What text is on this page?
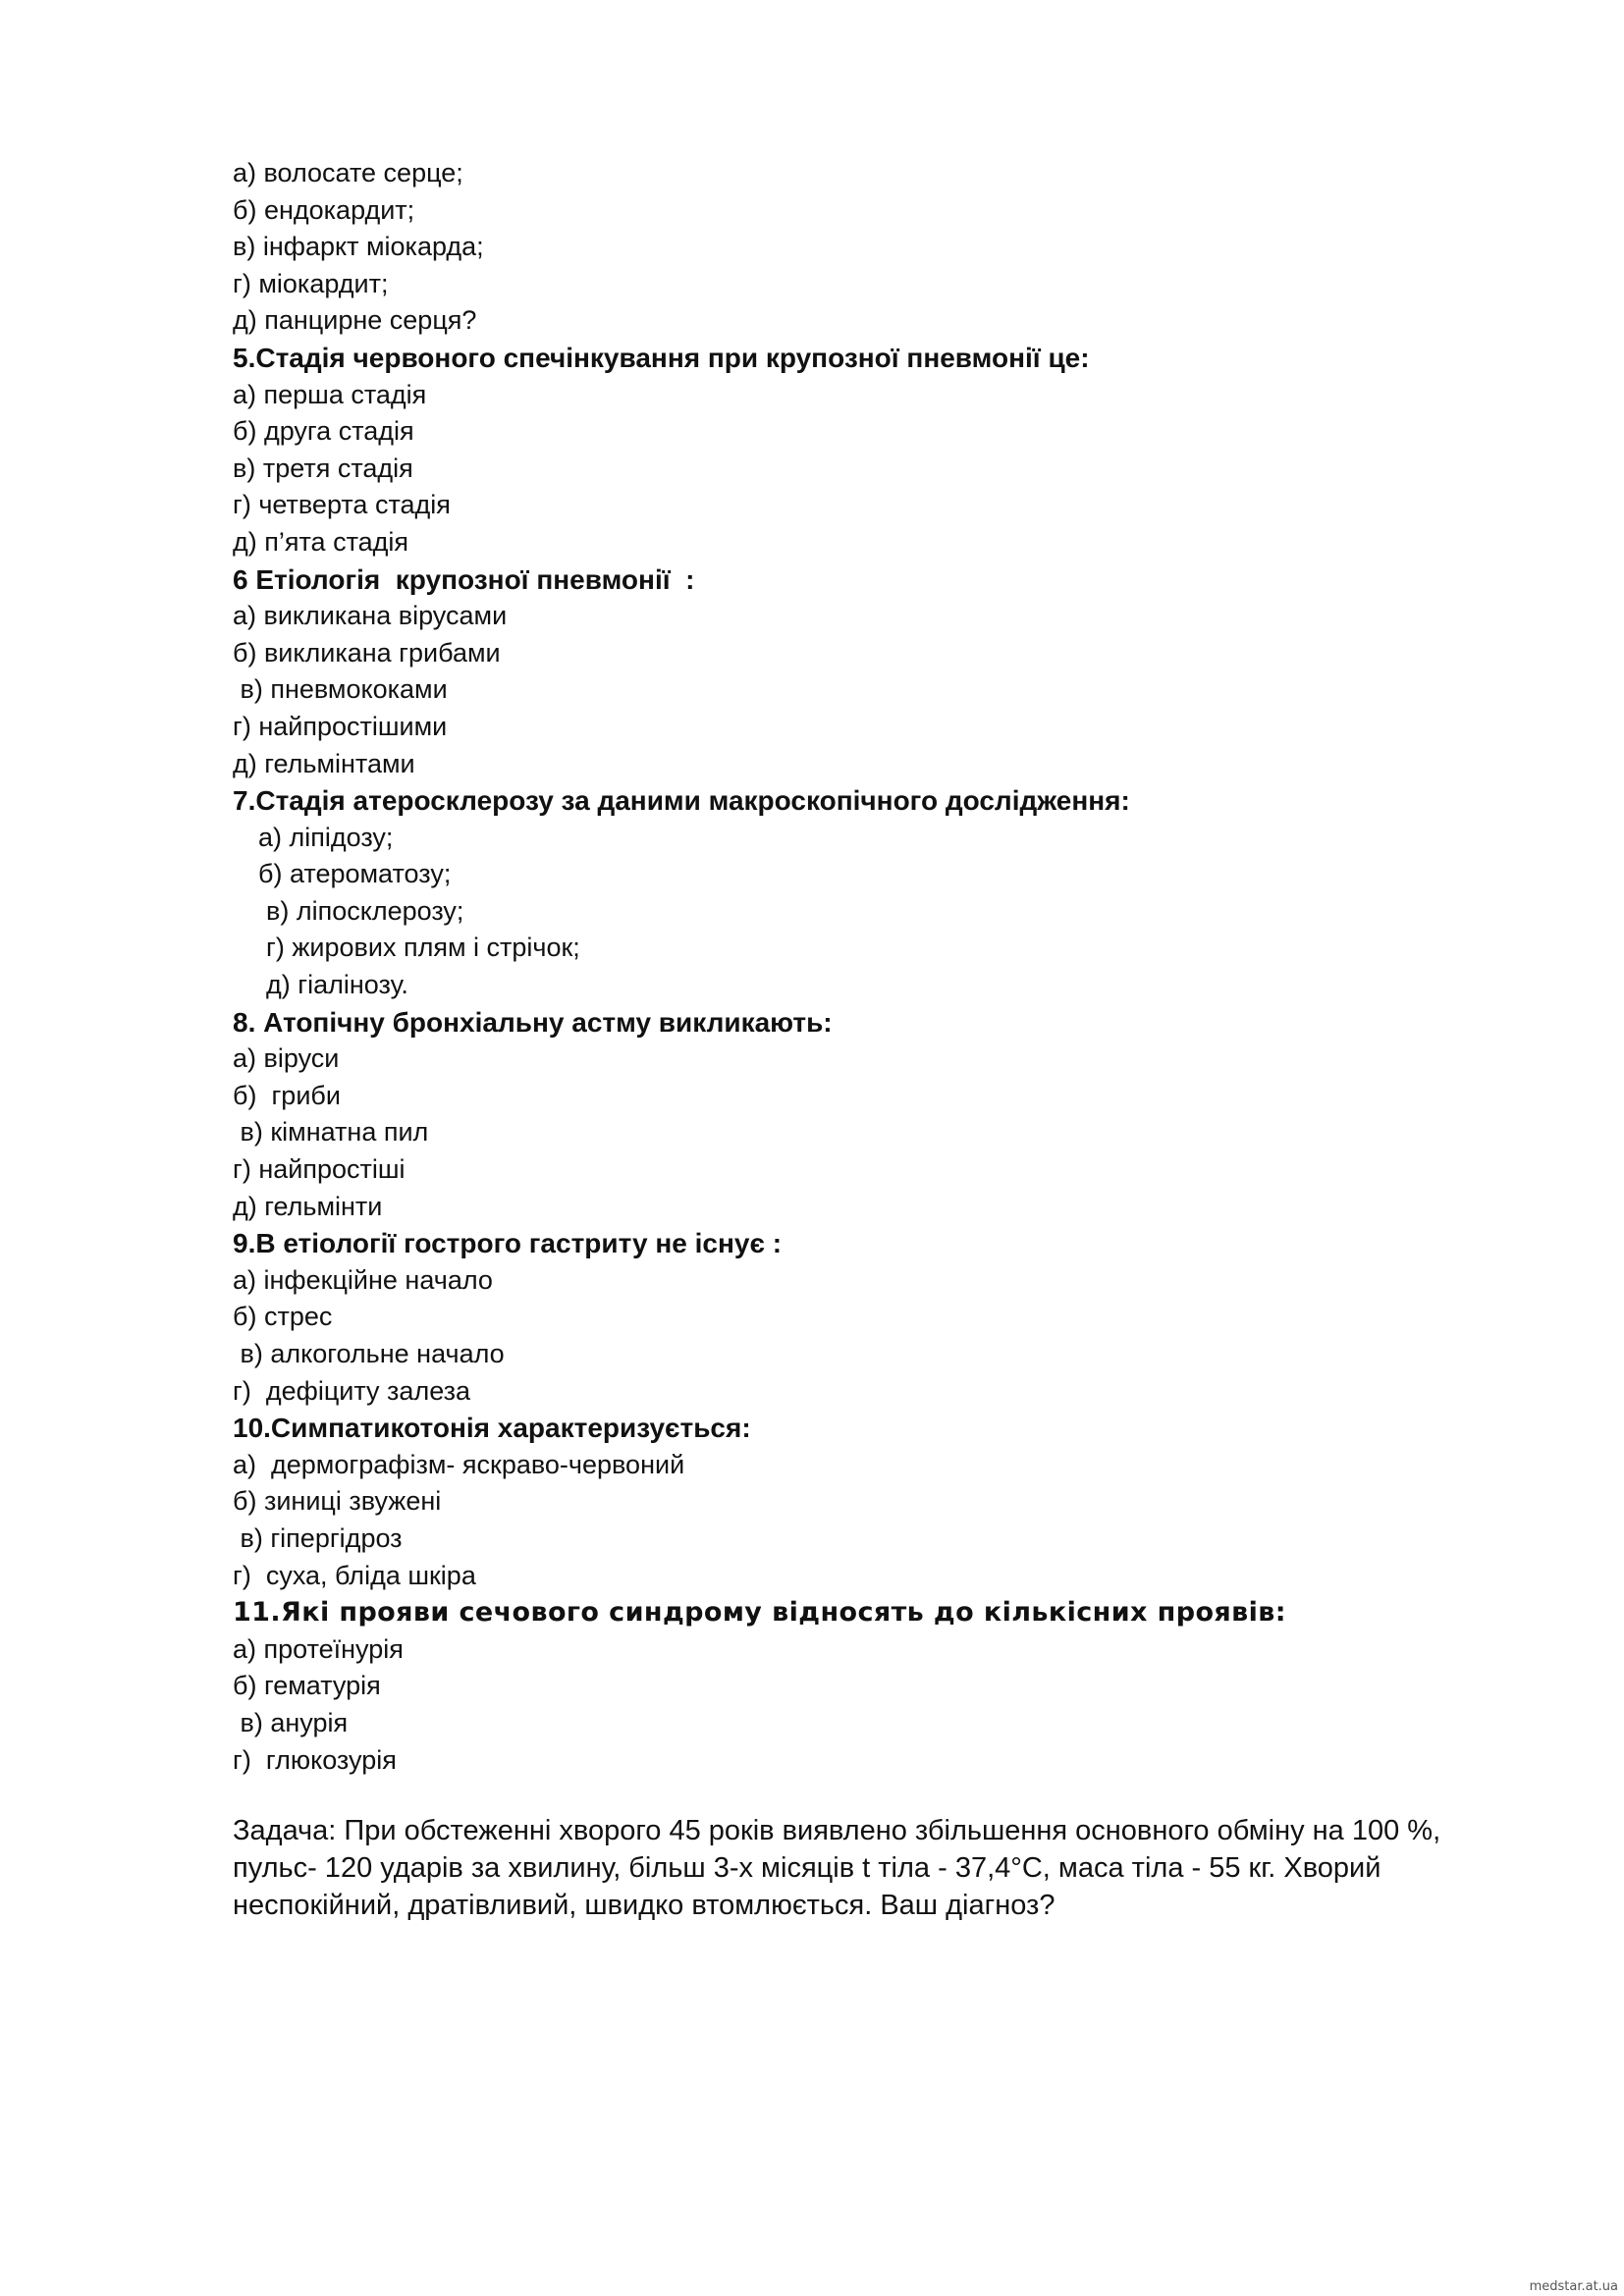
а) волосате серце;
б) ендокардит;
в) інфаркт міокарда;
г) міокардит;
д) панцирне серця?
5.Стадія червоного спечінкування при крупозної пневмонії це:
а) перша стадія
б) друга стадія
в) третя стадія
г) четверта стадія
д) п’ята стадія
6 Етіологія  крупозної пневмонії  :
а) викликана вірусами
б) викликана грибами
в) пневмококами
г) найпростішими
д) гельмінтами
7.Стадія атеросклерозу за даними макроскопічного дослідження:
а) ліпідозу;
б) атероматозу;
в) ліпосклерозу;
г) жирових плям і стрічок;
д) гіалінозу.
8. Атопічну бронхіальну астму викликають:
а) віруси
б)  гриби
в) кімнатна пил
г) найпростіші
д) гельмінти
9.В етіології гострого гастриту не існує :
а) інфекційне начало
б) стрес
в) алкогольне начало
г)  дефіциту залеза
10.Симпатикотонія характеризується:
а)  дермографізм- яскраво-червоний
б) зиниці звужені
в) гіпергідроз
г)  суха, бліда шкіра
11.Які прояви сечового синдрому відносять до кількісних проявів:
а) протеїнурія
б) гематурія
в) анурія
г)  глюкозурія
Задача: При обстеженні хворого 45 років виявлено збільшення основного обміну на 100 %, пульс- 120 ударів за хвилину, більш 3-х місяців t тіла - 37,4°C, маса тіла - 55 кг. Хворий неспокійний, дратівливий, швидко втомлюється. Ваш діагноз?
medstar.at.ua
